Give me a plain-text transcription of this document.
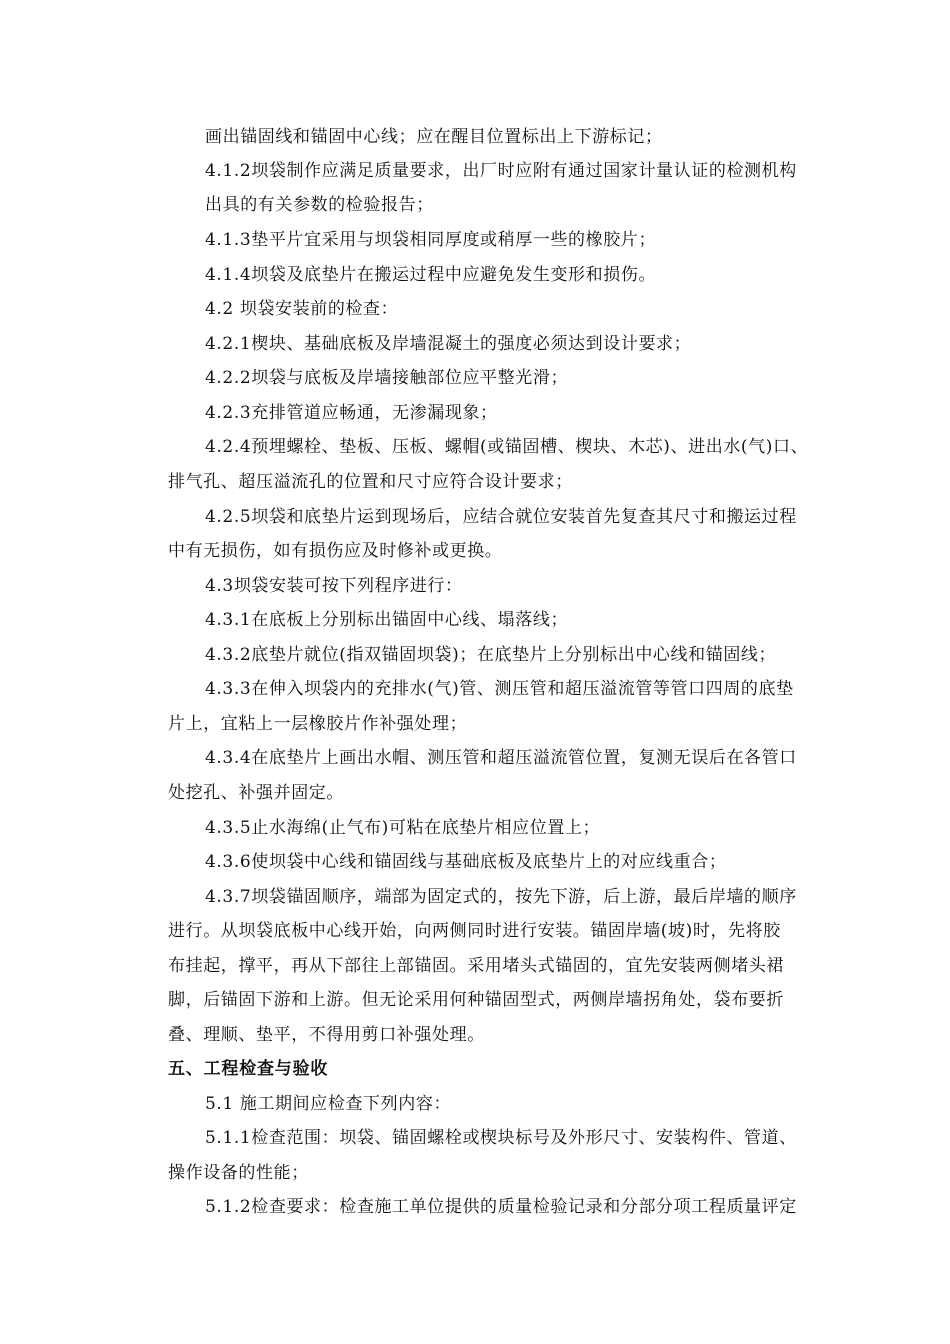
画出锚固线和锚固中心线；应在醒目位置标出上下游标记；
4.1.2坝袋制作应满足质量要求，出厂时应附有通过国家计量认证的检测机构
出具的有关参数的检验报告；
4.1.3垫平片宜采用与坝袋相同厚度或稍厚一些的橡胶片；
4.1.4坝袋及底垫片在搬运过程中应避免发生变形和损伤。
4.2 坝袋安装前的检查：
4.2.1楔块、基础底板及岸墙混凝土的强度必须达到设计要求；
4.2.2坝袋与底板及岸墙接触部位应平整光滑；
4.2.3充排管道应畅通，无渗漏现象；
4.2.4预埋螺栓、垫板、压板、螺帽(或锚固槽、楔块、木芯)、进出水(气)口、
排气孔、超压溢流孔的位置和尺寸应符合设计要求；
4.2.5坝袋和底垫片运到现场后，应结合就位安装首先复查其尺寸和搬运过程
中有无损伤，如有损伤应及时修补或更换。
4.3坝袋安装可按下列程序进行：
4.3.1在底板上分别标出锚固中心线、塌落线；
4.3.2底垫片就位(指双锚固坝袋)；在底垫片上分别标出中心线和锚固线；
4.3.3在伸入坝袋内的充排水(气)管、测压管和超压溢流管等管口四周的底垫
片上，宜粘上一层橡胶片作补强处理；
4.3.4在底垫片上画出水帽、测压管和超压溢流管位置，复测无误后在各管口
处挖孔、补强并固定。
4.3.5止水海绵(止气布)可粘在底垫片相应位置上；
4.3.6使坝袋中心线和锚固线与基础底板及底垫片上的对应线重合；
4.3.7坝袋锚固顺序，端部为固定式的，按先下游，后上游，最后岸墙的顺序
进行。从坝袋底板中心线开始，向两侧同时进行安装。锚固岸墙(坡)时，先将胶
布挂起，撑平，再从下部往上部锚固。采用堵头式锚固的，宜先安装两侧堵头裙
脚，后锚固下游和上游。但无论采用何种锚固型式，两侧岸墙拐角处，袋布要折
叠、理顺、垫平，不得用剪口补强处理。
五、工程检查与验收
5.1 施工期间应检查下列内容：
5.1.1检查范围：坝袋、锚固螺栓或楔块标号及外形尺寸、安装构件、管道、
操作设备的性能；
5.1.2检查要求：检查施工单位提供的质量检验记录和分部分项工程质量评定
